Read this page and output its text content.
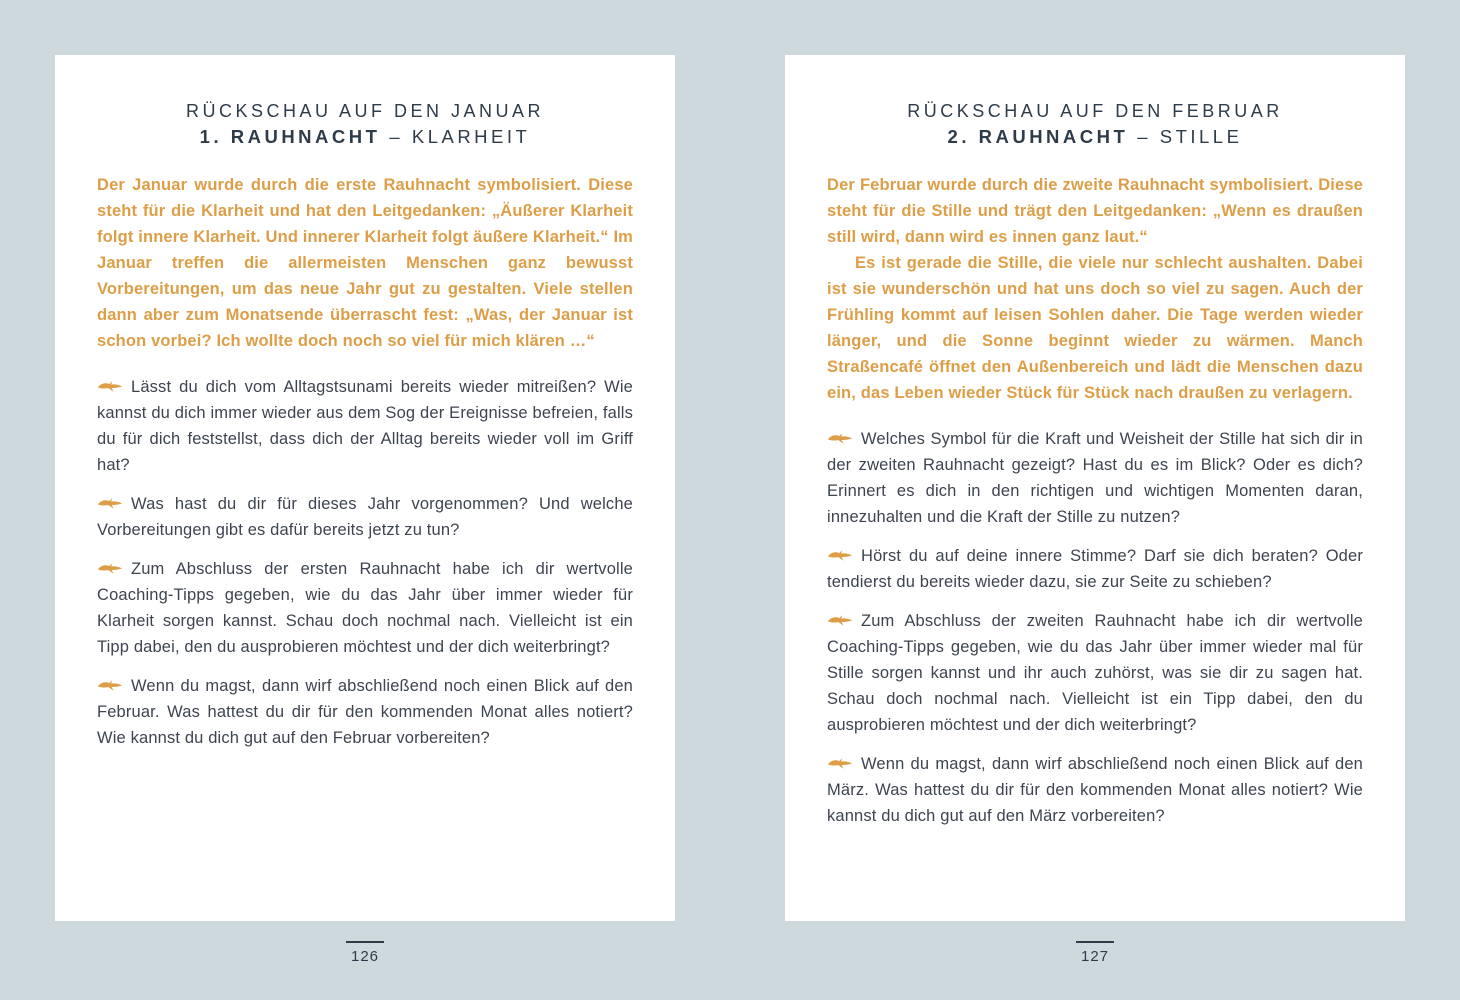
RÜCKSCHAU AUF DEN JANUAR
1. RAUHNACHT – KLARHEIT

Der Januar wurde durch die erste Rauhnacht symbolisiert. Diese steht für die Klarheit und hat den Leitgedanken: „Äußerer Klarheit folgt innere Klarheit. Und innerer Klarheit folgt äußere Klarheit.“ Im Januar treffen die allermeisten Menschen ganz bewusst Vorbereitungen, um das neue Jahr gut zu gestalten. Viele stellen dann aber zum Monatsende überrascht fest: „Was, der Januar ist schon vorbei? Ich wollte doch noch so viel für mich klären …“

Lässt du dich vom Alltagstsunami bereits wieder mitreißen? Wie kannst du dich immer wieder aus dem Sog der Ereignisse befreien, falls du für dich feststellst, dass dich der Alltag bereits wieder voll im Griff hat?

Was hast du dir für dieses Jahr vorgenommen? Und welche Vorbereitungen gibt es dafür bereits jetzt zu tun?

Zum Abschluss der ersten Rauhnacht habe ich dir wertvolle Coaching-Tipps gegeben, wie du das Jahr über immer wieder für Klarheit sorgen kannst. Schau doch nochmal nach. Vielleicht ist ein Tipp dabei, den du ausprobieren möchtest und der dich weiterbringt?

Wenn du magst, dann wirf abschließend noch einen Blick auf den Februar. Was hattest du dir für den kommenden Monat alles notiert? Wie kannst du dich gut auf den Februar vorbereiten?

126
RÜCKSCHAU AUF DEN FEBRUAR
2. RAUHNACHT – STILLE

Der Februar wurde durch die zweite Rauhnacht symbolisiert. Diese steht für die Stille und trägt den Leitgedanken: „Wenn es draußen still wird, dann wird es innen ganz laut.“

Es ist gerade die Stille, die viele nur schlecht aushalten. Dabei ist sie wunderschön und hat uns doch so viel zu sagen. Auch der Frühling kommt auf leisen Sohlen daher. Die Tage werden wieder länger, und die Sonne beginnt wieder zu wärmen. Manch Straßencafé öffnet den Außenbereich und lädt die Menschen dazu ein, das Leben wieder Stück für Stück nach draußen zu verlagern.

Welches Symbol für die Kraft und Weisheit der Stille hat sich dir in der zweiten Rauhnacht gezeigt? Hast du es im Blick? Oder es dich? Erinnert es dich in den richtigen und wichtigen Momenten daran, innezuhalten und die Kraft der Stille zu nutzen?

Hörst du auf deine innere Stimme? Darf sie dich beraten? Oder tendierst du bereits wieder dazu, sie zur Seite zu schieben?

Zum Abschluss der zweiten Rauhnacht habe ich dir wertvolle Coaching-Tipps gegeben, wie du das Jahr über immer wieder mal für Stille sorgen kannst und ihr auch zuhörst, was sie dir zu sagen hat. Schau doch nochmal nach. Vielleicht ist ein Tipp dabei, den du ausprobieren möchtest und der dich weiterbringt?

Wenn du magst, dann wirf abschließend noch einen Blick auf den März. Was hattest du dir für den kommenden Monat alles notiert? Wie kannst du dich gut auf den März vorbereiten?

127
